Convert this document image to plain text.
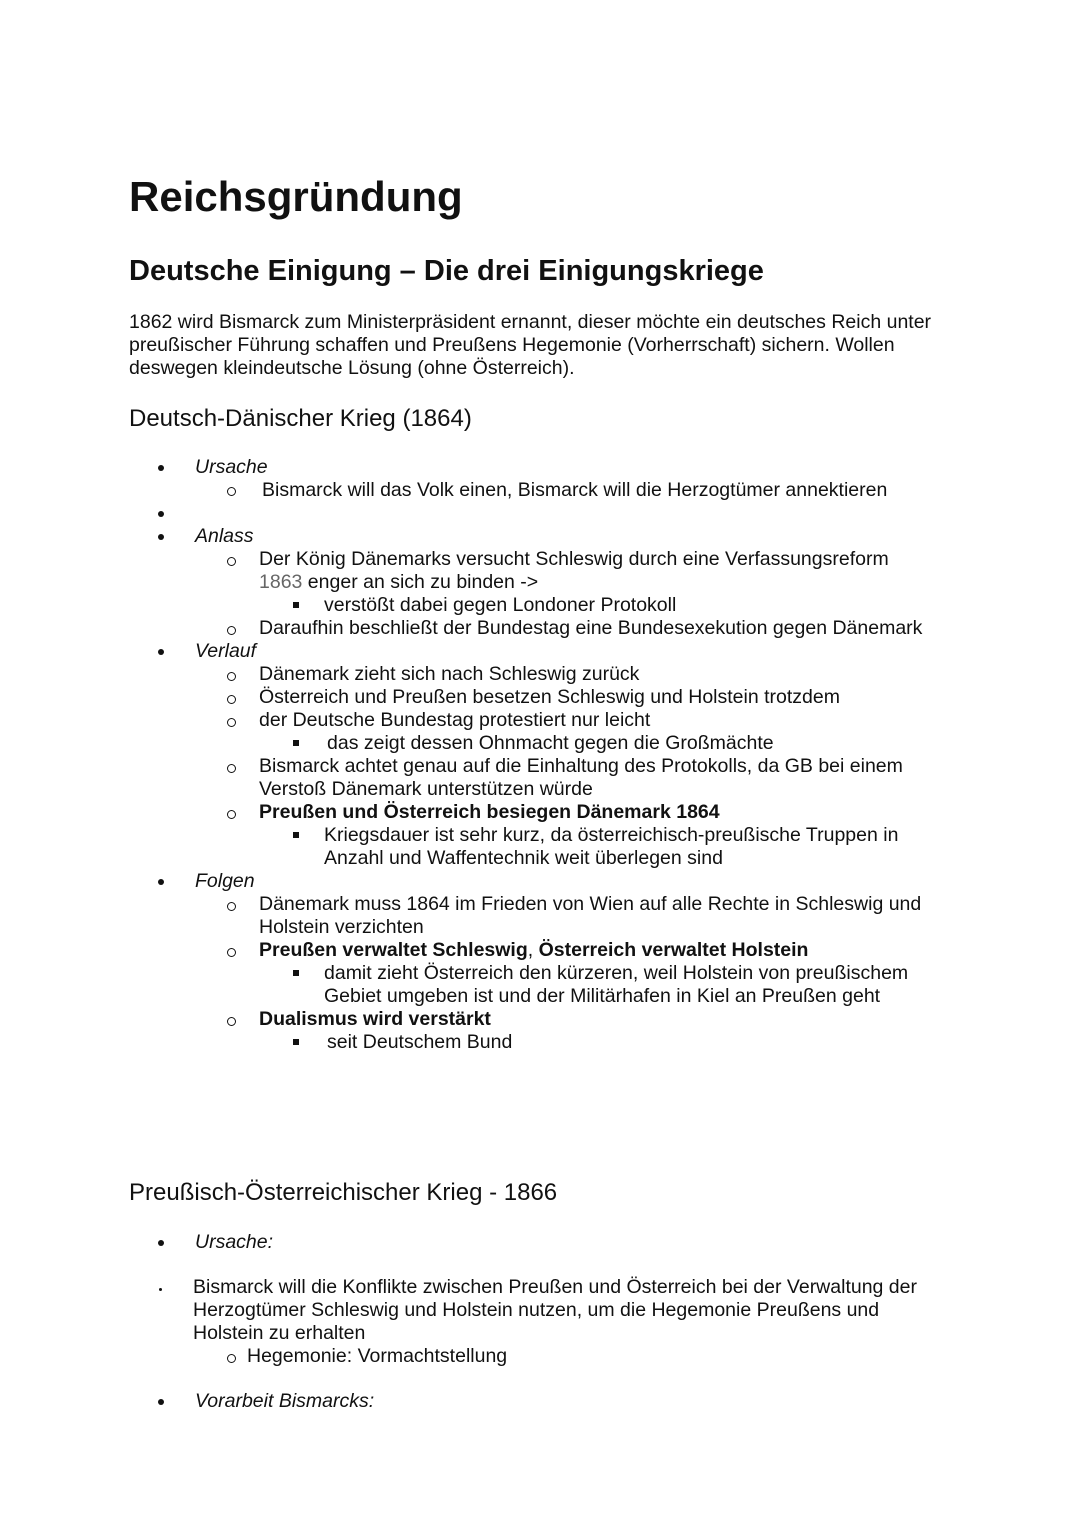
Reichsgründung
Deutsche Einigung – Die drei Einigungskriege
1862 wird Bismarck zum Ministerpräsident ernannt, dieser möchte ein deutsches Reich unter
preußischer Führung schaffen und Preußens Hegemonie (Vorherrschaft) sichern. Wollen
deswegen kleindeutsche Lösung (ohne Österreich).
Deutsch-Dänischer Krieg (1864)
Ursache
Bismarck will das Volk einen, Bismarck will die Herzogtümer annektieren
Anlass
Der König Dänemarks versucht Schleswig durch eine Verfassungsreform
1863 enger an sich zu binden ->
verstößt dabei gegen Londoner Protokoll
Daraufhin beschließt der Bundestag eine Bundesexekution gegen Dänemark
Verlauf
Dänemark zieht sich nach Schleswig zurück
Österreich und Preußen besetzen Schleswig und Holstein trotzdem
der Deutsche Bundestag protestiert nur leicht
das zeigt dessen Ohnmacht gegen die Großmächte
Bismarck achtet genau auf die Einhaltung des Protokolls, da GB bei einem
Verstoß Dänemark unterstützen würde
Preußen und Österreich besiegen Dänemark 1864
Kriegsdauer ist sehr kurz, da österreichisch-preußische Truppen in
Anzahl und Waffentechnik weit überlegen sind
Folgen
Dänemark muss 1864 im Frieden von Wien auf alle Rechte in Schleswig und
Holstein verzichten
Preußen verwaltet Schleswig, Österreich verwaltet Holstein
damit zieht Österreich den kürzeren, weil Holstein von preußischem
Gebiet umgeben ist und der Militärhafen in Kiel an Preußen geht
Dualismus wird verstärkt
seit Deutschem Bund
Preußisch-Österreichischer Krieg - 1866
Ursache:
Bismarck will die Konflikte zwischen Preußen und Österreich bei der Verwaltung der
Herzogtümer Schleswig und Holstein nutzen, um die Hegemonie Preußens und
Holstein zu erhalten
Hegemonie: Vormachtstellung
Vorarbeit Bismarcks:
